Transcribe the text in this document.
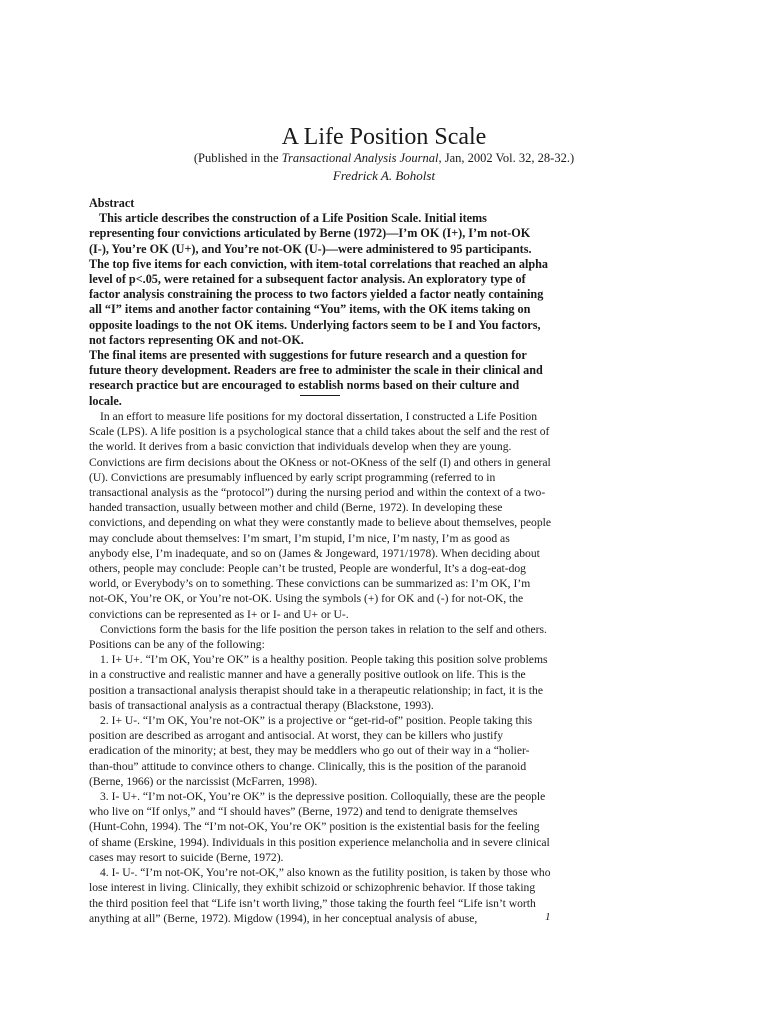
A Life Position Scale
(Published in the Transactional Analysis Journal, Jan, 2002 Vol. 32, 28-32.)
Fredrick A. Boholst

Abstract

This article describes the construction of a Life Position Scale. Initial items representing four convictions articulated by Berne (1972)—I’m OK (I+), I’m not-OK (I-), You’re OK (U+), and You’re not-OK (U-)—were administered to 95 participants. The top five items for each conviction, with item-total correlations that reached an alpha level of p<.05, were retained for a subsequent factor analysis. An exploratory type of factor analysis constraining the process to two factors yielded a factor neatly containing all “I” items and another factor containing “You” items, with the OK items taking on opposite loadings to the not OK items. Underlying factors seem to be I and You factors, not factors representing OK and not-OK.

The final items are presented with suggestions for future research and a question for future theory development. Readers are free to administer the scale in their clinical and research practice but are encouraged to establish norms based on their culture and locale.

In an effort to measure life positions for my doctoral dissertation, I constructed a Life Position Scale (LPS). A life position is a psychological stance that a child takes about the self and the rest of the world. It derives from a basic conviction that individuals develop when they are young. Convictions are firm decisions about the OKness or not-OKness of the self (I) and others in general (U). Convictions are presumably influenced by early script programming (referred to in transactional analysis as the “protocol”) during the nursing period and within the context of a two-handed transaction, usually between mother and child (Berne, 1972). In developing these convictions, and depending on what they were constantly made to believe about themselves, people may conclude about themselves: I’m smart, I’m stupid, I’m nice, I’m nasty, I’m as good as anybody else, I’m inadequate, and so on (James & Jongeward, 1971/1978). When deciding about others, people may conclude: People can’t be trusted, People are wonderful, It’s a dog-eat-dog world, or Everybody’s on to something. These convictions can be summarized as: I’m OK, I’m not-OK, You’re OK, or You’re not-OK. Using the symbols (+) for OK and (-) for not-OK, the convictions can be represented as I+ or I- and U+ or U-.

Convictions form the basis for the life position the person takes in relation to the self and others. Positions can be any of the following:

1. I+ U+. “I’m OK, You’re OK” is a healthy position. People taking this position solve problems in a constructive and realistic manner and have a generally positive outlook on life. This is the position a transactional analysis therapist should take in a therapeutic relationship; in fact, it is the basis of transactional analysis as a contractual therapy (Blackstone, 1993).

2. I+ U-. “I’m OK, You’re not-OK” is a projective or “get-rid-of” position. People taking this position are described as arrogant and antisocial. At worst, they can be killers who justify eradication of the minority; at best, they may be meddlers who go out of their way in a “holier-than-thou” attitude to convince others to change. Clinically, this is the position of the paranoid (Berne, 1966) or the narcissist (McFarren, 1998).

3. I- U+. “I’m not-OK, You’re OK” is the depressive position. Colloquially, these are the people who live on “If onlys,” and “I should haves” (Berne, 1972) and tend to denigrate themselves (Hunt-Cohn, 1994). The “I’m not-OK, You’re OK” position is the existential basis for the feeling of shame (Erskine, 1994). Individuals in this position experience melancholia and in severe clinical cases may resort to suicide (Berne, 1972).

4. I- U-. “I’m not-OK, You’re not-OK,” also known as the futility position, is taken by those who lose interest in living. Clinically, they exhibit schizoid or schizophrenic behavior. If those taking the third position feel that “Life isn’t worth living,” those taking the fourth feel “Life isn’t worth anything at all” (Berne, 1972). Migdow (1994), in her conceptual analysis of abuse,	1
